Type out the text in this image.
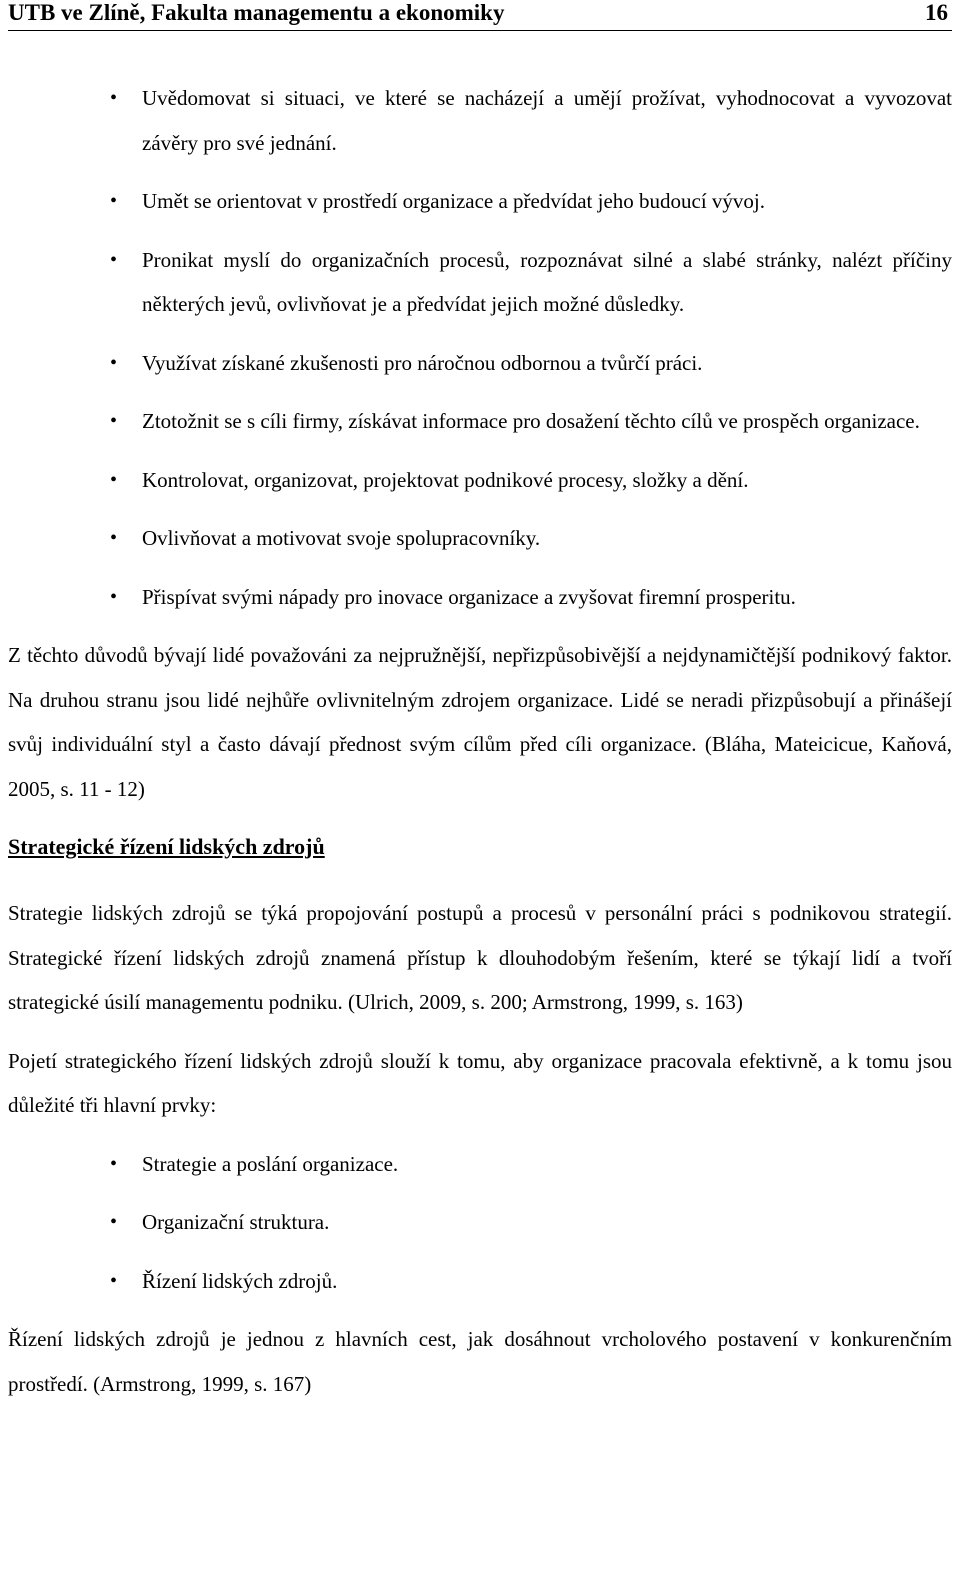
UTB ve Zlíně, Fakulta managementu a ekonomiky	16
• Uvědomovat si situaci, ve které se nacházejí a umějí prožívat, vyhodnocovat a vyvozovat závěry pro své jednání.
• Umět se orientovat v prostředí organizace a předvídat jeho budoucí vývoj.
• Pronikat myslí do organizačních procesů, rozpoznávat silné a slabé stránky, nalézt příčiny některých jevů, ovlivňovat je a předvídat jejich možné důsledky.
• Využívat získané zkušenosti pro náročnou odbornou a tvůrčí práci.
• Ztotožnit se s cíli firmy, získávat informace pro dosažení těchto cílů ve prospěch organizace.
• Kontrolovat, organizovat, projektovat podnikové procesy, složky a dění.
• Ovlivňovat a motivovat svoje spolupracovníky.
• Přispívat svými nápady pro inovace organizace a zvyšovat firemní prosperitu.

Z těchto důvodů bývají lidé považováni za nejpružnější, nepřizpůsobivější a nejdynamičtější podnikový faktor. Na druhou stranu jsou lidé nejhůře ovlivnitelným zdrojem organizace. Lidé se neradi přizpůsobují a přinášejí svůj individuální styl a často dávají přednost svým cílům před cíli organizace. (Bláha, Mateicicue, Kaňová, 2005, s. 11 - 12)

Strategické řízení lidských zdrojů

Strategie lidských zdrojů se týká propojování postupů a procesů v personální práci s podnikovou strategií. Strategické řízení lidských zdrojů znamená přístup k dlouhodobým řešením, které se týkají lidí a tvoří strategické úsilí managementu podniku. (Ulrich, 2009, s. 200; Armstrong, 1999, s. 163)

Pojetí strategického řízení lidských zdrojů slouží k tomu, aby organizace pracovala efektivně, a k tomu jsou důležité tři hlavní prvky:

• Strategie a poslání organizace.
• Organizační struktura.
• Řízení lidských zdrojů.

Řízení lidských zdrojů je jednou z hlavních cest, jak dosáhnout vrcholového postavení v konkurenčním prostředí. (Armstrong, 1999, s. 167)
